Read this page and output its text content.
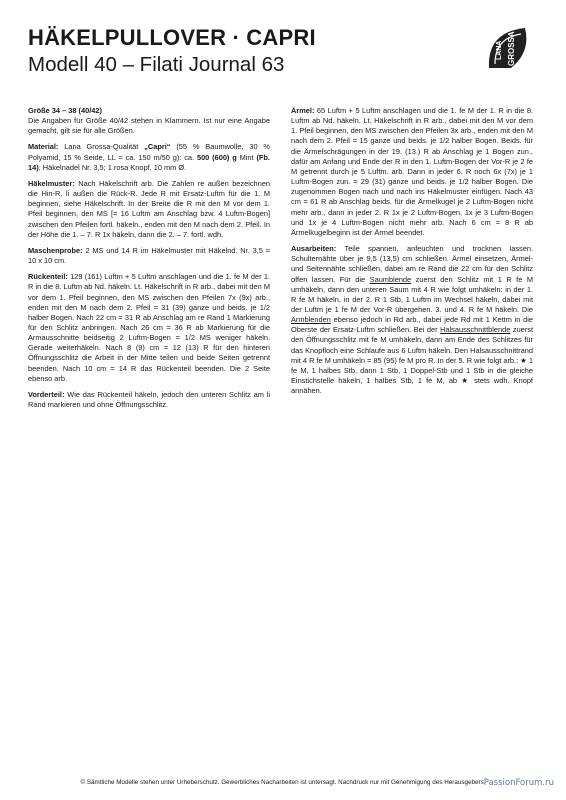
HÄKELPULLOVER · CAPRI
Modell 40 – Filati Journal 63
LANA GROSSA

Größe 34 – 38 (40/42)
Die Angaben für Größe 40/42 stehen in Klammern. Ist nur eine Angabe gemacht, gilt sie für alle Größen.

Material: Lana Grossa-Qualität „Capri“ (55 % Baumwolle, 30 % Polyamid, 15 % Seide, LL = ca. 150 m/50 g): ca. 500 (600) g Mint (Fb. 14); Häkelnadel Nr. 3,5; 1 rosa Knopf, 10 mm Ø.

Häkelmuster: Nach Häkelschrift arb. Die Zahlen re außen bezeichnen die Hin-R, li außen die Rück-R. Jede R mit Ersatz-Luftm für die 1. M beginnen, siehe Häkelschrift. In der Breite die R mit den M vor dem 1. Pfeil beginnen, den MS [= 16 Luftm am Anschlag bzw. 4 Luftm-Bogen] zwischen den Pfeilen fortl. häkeln., enden mit den M nach dem 2. Pfeil. In der Höhe die 1. – 7. R 1x häkeln, dann die 2. – 7. fortl. wdh.

Maschenprobe: 2 MS und 14 R im Häkelmuster mit Häkelnd. Nr. 3,5 = 10 x 10 cm.

Rückenteil: 129 (161) Luftm + 5 Luftm anschlagen und die 1. fe M der 1. R in die 8. Luftm ab Nd. häkeln. Lt. Häkelschrift in R arb., dabei mit den M vor dem 1. Pfeil beginnen, den MS zwischen den Pfeilen 7x (9x) arb., enden mit den M nach dem 2. Pfeil = 31 (39) ganze und beids. je 1/2 halber Bogen. Nach 22 cm = 31 R ab Anschlag am re Rand 1 Markierung für den Schlitz anbringen. Nach 26 cm = 36 R ab Markierung für die Armausschnitte beidseitig 2 Luftm-Bogen = 1/2 MS weniger häkeln. Gerade weiterhäkeln. Nach 8 (9) cm = 12 (13) R für den hinteren Öffnungsschlitz die Arbeit in der Mitte teilen und beide Seiten getrennt beenden. Nach 10 cm = 14 R das Rückenteil beenden. Die 2 Seite ebenso arb.

Vorderteil: Wie das Rückenteil häkeln, jedoch den unteren Schlitz am li Rand markieren und ohne Öffnungsschlitz.

Ärmel: 65 Luftm + 5 Luftm anschlagen und die 1. fe M der 1. R in die 8. Luftm ab Nd. häkeln. Lt. Häkelschrift in R arb., dabei mit den M vor dem 1. Pfeil beginnen, den MS zwischen den Pfeilen 3x arb., enden mit den M nach dem 2. Pfeil = 15 ganze und beids. je 1/2 halber Bogen. Beids. für die Ärmelschrägungen in der 19. (13.) R ab Anschlag je 1 Bogen zun., dafür am Anfang und Ende der R in den 1. Luftm-Bogen der Vor-R je 2 fe M getrennt durch je 5 Luftm. arb. Dann in jeder 6. R noch 6x (7x) je 1 Luftm-Bogen zun. = 29 (31) ganze und beids. je 1/2 halber Bogen. Die zugenommen Bogen nach und nach ins Häkelmuster einfügen. Nach 43 cm = 61 R ab Anschlag beids. für die Ärmelkugel je 2 Luftm-Bogen nicht mehr arb., dann in jeder 2. R 1x je 2 Luftm-Bogen, 1x je 3 Luftm-Bogen und 1x je 4 Luftm-Bogen nicht mehr arb. Nach 6 cm = 8 R ab Ärmelkugelbeginn ist der Ärmel beendet.

Ausarbeiten: Teile spannen, anfeuchten und trocknen lassen. Schulternähte über je 9,5 (13,5) cm schließen. Ärmel einsetzen, Ärmel- und Seitennähte schließen, dabei am re Rand die 22 cm für den Schlitz offen lassen. Für die Saumblende zuerst den Schlitz mit 1 R fe M umhäkeln, dann den unteren Saum mit 4 R wie folgt umhäkeln: in der 1. R fe M häkeln, in der 2. R 1 Stb, 1 Luftm im Wechsel häkeln, dabei mit der Luftm je 1 fe M der Vor-R übergehen. 3. und 4. R fe M häkeln. Die Armblenden ebenso jedoch in Rd arb., dabei jede Rd mit 1 Kettm in die Oberste der Ersatz-Luftm schließen. Bei der Halsausschnittblende zuerst den Öffnungsschlitz mit fe M umhäkeln, dann am Ende des Schlitzes für das Knopfloch eine Schlaufe aus 6 Luftm häkeln. Den Halsausschnittrand mit 4 R fe M umhäkeln = 85 (95) fe M pro R. In der 5. R wie folgt arb.: ★ 1 fe M, 1 halbes Stb, dann 1 Stb, 1 Doppel-Stb und 1 Stb in die gleiche Einstichstelle häkeln, 1 halbes Stb, 1 fe M, ab ★ stets wdh. Knopf annähen.

© Sämtliche Modelle stehen unter Urheberschutz. Gewerbliches Nacharbeiten ist untersagt. Nachdruck nur mit Genehmigung des Herausgebers.
PassionForum.ru
